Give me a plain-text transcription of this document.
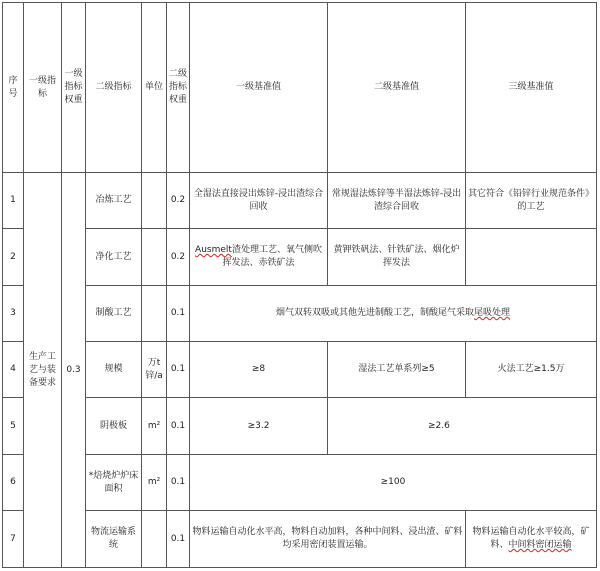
序号	一级指标	一级指标权重	二级指标	单位	二级指标权重	一级基准值	二级基准值	三级基准值
1	生产工艺与装备要求	0.3	冶炼工艺		0.2	全湿法直接浸出炼锌-浸出渣综合回收	常规湿法炼锌等半湿法炼锌-浸出渣综合回收	其它符合《铅锌行业规范条件》的工艺
2			净化工艺		0.2	Ausmelt渣处理工艺、氧气侧吹挥发法、赤铁矿法	黄钾铁矾法、针铁矿法、烟化炉挥发法	
3			制酸工艺		0.1	烟气双转双吸或其他先进制酸工艺，制酸尾气采取尾吸处理		
4			规模	万t锌/a	0.1	≥8	湿法工艺单系列≥5	火法工艺≥1.5万
5			阴极板	m²	0.1	≥3.2	≥2.6	
6			*焙烧炉炉床面积	m²	0.1	≥100		
7			物流运输系统		0.1	物料运输自动化水平高，物料自动加料，各种中间料、浸出渣、矿料均采用密闭装置运输。		物料运输自动化水平较高，矿料、中间料密闭运输
